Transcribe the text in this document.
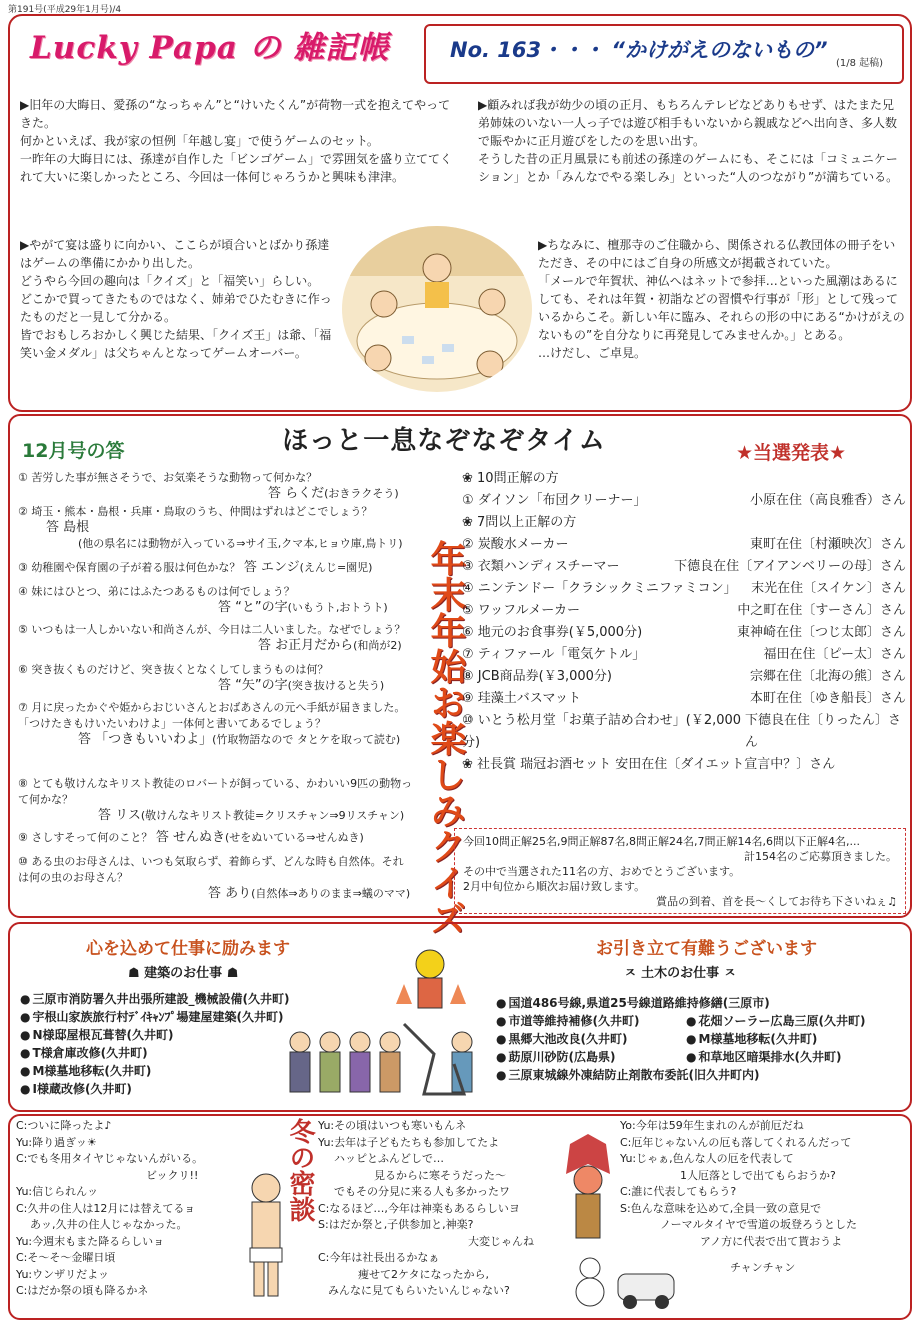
第191号(平成29年1月号)/4
Lucky Papa の 雑記帳	No. 163・・・ “かけがえのないもの”
(1/8 起稿)

▶旧年の大晦日、愛孫の“なっちゃん”と“けいたくん”が荷物一式を抱えてやってきた。

何かといえば、我が家の恒例「年越し宴」で使うゲームのセット。

一昨年の大晦日には、孫達が自作した「ビンゴゲーム」で雰囲気を盛り立ててくれて大いに楽しかったところ、今回は一体何じゃろうかと興味も津津。

▶やがて宴は盛りに向かい、ここらが頃合いとばかり孫達はゲームの準備にかかり出した。

どうやら今回の趣向は「クイズ」と「福笑い」らしい。

どこかで買ってきたものではなく、姉弟でひたむきに作ったものだと一見して分かる。

皆でおもしろおかしく興じた結果、「クイズ王」は爺、「福笑い金メダル」は父ちゃんとなってゲームオーバー。

▶顧みれば我が幼少の頃の正月、もちろんテレビなどありもせず、はたまた兄弟姉妹のいない一人っ子では遊び相手もいないから親戚などへ出向き、多人数で賑やかに正月遊びをしたのを思い出す。

そうした昔の正月風景にも前述の孫達のゲームにも、そこには「コミュニケーション」とか「みんなでやる楽しみ」といった“人のつながり”が満ちている。

▶ちなみに、檀那寺のご住職から、関係される仏教団体の冊子をいただき、その中にはご自身の所感文が掲載されていた。

「メールで年賀状、神仏へはネットで参拝…といった風潮はあるにしても、それは年賀・初詣などの習慣や行事が「形」として残っているからこそ。新しい年に臨み、それらの形の中にある“かけがえのないもの”を自分なりに再発見してみませんか。」とある。

…けだし、ご卓見。

ほっと一息なぞなぞタイム
12月号の答	★当選発表★
年末年始お楽しみクイズ
① 苦労した事が無さそうで、お気楽そうな動物って何かな？
答 らくだ(おきラクそう)
② 埼玉・熊本・島根・兵庫・鳥取のうち、仲間はずれはどこでしょう？
答 島根
(他の県名には動物が入っている⇒サイ玉,クマ本,ヒョウ庫,鳥トリ)
③ 幼稚園や保育園の子が着る服は何色かな？ 答 エンジ(えんじ=園児)
④ 妹にはひとつ、弟にはふたつあるものは何でしょう？
答 “と”の字(いもうト,おトうト)
⑤ いつもは一人しかいない和尚さんが、今日は二人いました。なぜでしょう？
答 お正月だから(和尚が2)
⑥ 突き抜くものだけど、突き抜くとなくしてしまうものは何？
答 “矢”の字(突き抜けると失う)
⑦ 月に戻ったかぐや姫からおじいさんとおばあさんの元へ手紙が届きました。「つけたきもけいたいわけよ」一体何と書いてあるでしょう？
答 「つきもいいわよ」(竹取物語なので タとケを取って読む)
⑧ とても敬けんなキリスト教徒のロバートが飼っている、かわいい9匹の動物って何かな？
答 リス(敬けんなキリスト教徒=クリスチャン⇒9リスチャン)
⑨ さしすそって何のこと？ 答 せんぬき(せをぬいている⇒せんぬき)
⑩ ある虫のお母さんは、いつも気取らず、着飾らず、どんな時も自然体。それは何の虫のお母さん？
答 あり(自然体⇒ありのまま⇒蟻のママ)
❀ 10問正解の方
① ダイソン「布団クリーナー」	小原在住（高良雅香）さん
❀ 7問以上正解の方
② 炭酸水メーカー	東町在住〔村瀬映次〕さん
③ 衣類ハンディスチーマー	下德良在住〔アイアンベリーの母〕さん
④ ニンテンドー「クラシックミニファミコン」 末光在住〔スイケン〕さん
⑤ ワッフルメーカー	中之町在住〔すーさん〕さん
⑥ 地元のお食事券(￥5,000分)	東神崎在住〔つじ太郎〕さん
⑦ ティファール「電気ケトル」	福田在住〔ピー太〕さん
⑧ JCB商品券(￥3,000分)	宗郷在住〔北海の熊〕さん
⑨ 珪藻土バスマット	本町在住〔ゆき船長〕さん
⑩ いとう松月堂「お菓子詰め合わせ」(￥2,000分)
下德良在住〔りったん〕さん
❀ 社長賞 瑞冠お酒セット 安田在住〔ダイエット宣言中？〕さん
今回10問正解25名,9問正解87名,8問正解24名,7問正解14名,6問以下正解4名,...
計154名のご応募頂きました。
その中で当選された11名の方、おめでとうございます。
2月中旬位から順次お届け致します。
賞品の到着、首を長～くしてお待ち下さいねぇ♫
心を込めて仕事に励みます
☗ 建築のお仕事 ☗
お引き立て有難うございます
ㅈ 土木のお仕事 ㅈ
● 三原市消防署久井出張所建設_機械設備(久井町)
● 宇根山家族旅行村ﾃﾞｲｷｬﾝﾌﾟ場建屋建築(久井町)
● N様邸屋根瓦葺替(久井町)
● T様倉庫改修(久井町)
● M様墓地移転(久井町)
● I様蔵改修(久井町)
● 国道486号線,県道25号線道路維持修繕(三原市)
● 市道等維持補修(久井町)
● 黒郷大池改良(久井町)
● 莇原川砂防(広島県)
● 三原東城線外凍結防止剤散布委託(旧久井町内)
● 花畑ソーラー広島三原(久井町)
● M様墓地移転(久井町)
● 和草地区暗渠排水(久井町)
C:ついに降ったよ♪
Yu:降り過ぎッ☀
C:でも冬用タイヤじゃないんがいる。
ビックリ!!
Yu:信じられんッ
C:久井の住人は12月には替えてるョ
あッ,久井の住人じゃなかった。
Yu:今週末もまた降るらしいョ
C:そ～そ～金曜日頃
Yu:ウンザリだよッ
C:はだか祭の頃も降るかネ
冬の密談 Yu:その頃はいつも寒いもんネ
Yu:去年は子どもたちも参加してたよ
ハッピとふんどしで…
見るからに寒そうだった～
でもその分見に来る人も多かったワ
C:なるほど…,今年は神楽もあるらしいヨ
S:はだか祭と,子供参加と,神楽?
大変じゃんね
C:今年は社長出るかなぁ
痩せて2ケタになったから,
みんなに見てもらいたいんじゃない?
Yo:今年は59年生まれのんが前厄だね
C:厄年じゃないんの厄も落してくれるんだって
Yu:じゃぁ,色んな人の厄を代表して
1人厄落としで出てもらおうか?
C:誰に代表してもらう?
S:色んな意味を込めて,全員一致の意見で
ノーマルタイヤで雪道の坂登ろうとした
アノ方に代表で出て貰おうよ
チャンチャン
